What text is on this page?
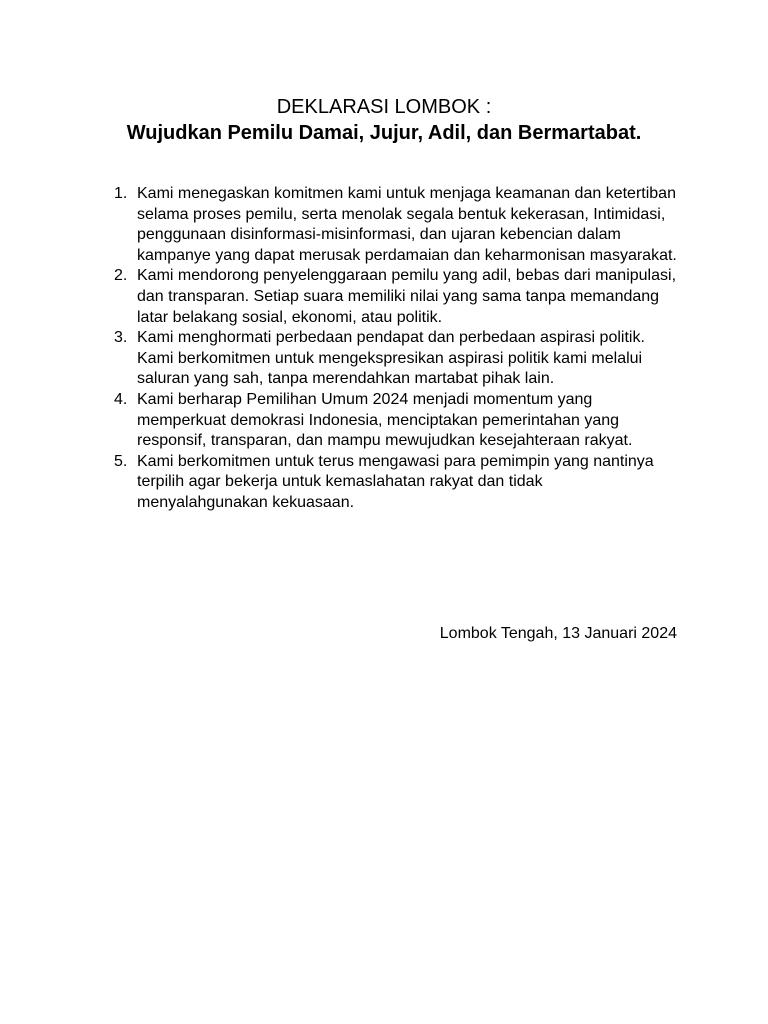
DEKLARASI LOMBOK :
Wujudkan Pemilu Damai, Jujur, Adil, dan Bermartabat.
1. Kami menegaskan komitmen kami untuk menjaga keamanan dan ketertiban selama proses pemilu, serta menolak segala bentuk kekerasan, Intimidasi, penggunaan disinformasi-misinformasi, dan ujaran kebencian dalam kampanye yang dapat merusak perdamaian dan keharmonisan masyarakat.
2. Kami mendorong penyelenggaraan pemilu yang adil, bebas dari manipulasi, dan transparan. Setiap suara memiliki nilai yang sama tanpa memandang latar belakang sosial, ekonomi, atau politik.
3. Kami menghormati perbedaan pendapat dan perbedaan aspirasi politik. Kami berkomitmen untuk mengekspresikan aspirasi politik kami melalui saluran yang sah, tanpa merendahkan martabat pihak lain.
4. Kami berharap Pemilihan Umum 2024 menjadi momentum yang memperkuat demokrasi Indonesia, menciptakan pemerintahan yang responsif, transparan, dan mampu mewujudkan kesejahteraan rakyat.
5. Kami berkomitmen untuk terus mengawasi para pemimpin yang nantinya terpilih agar bekerja untuk kemaslahatan rakyat dan tidak menyalahgunakan kekuasaan.
Lombok Tengah, 13 Januari 2024
